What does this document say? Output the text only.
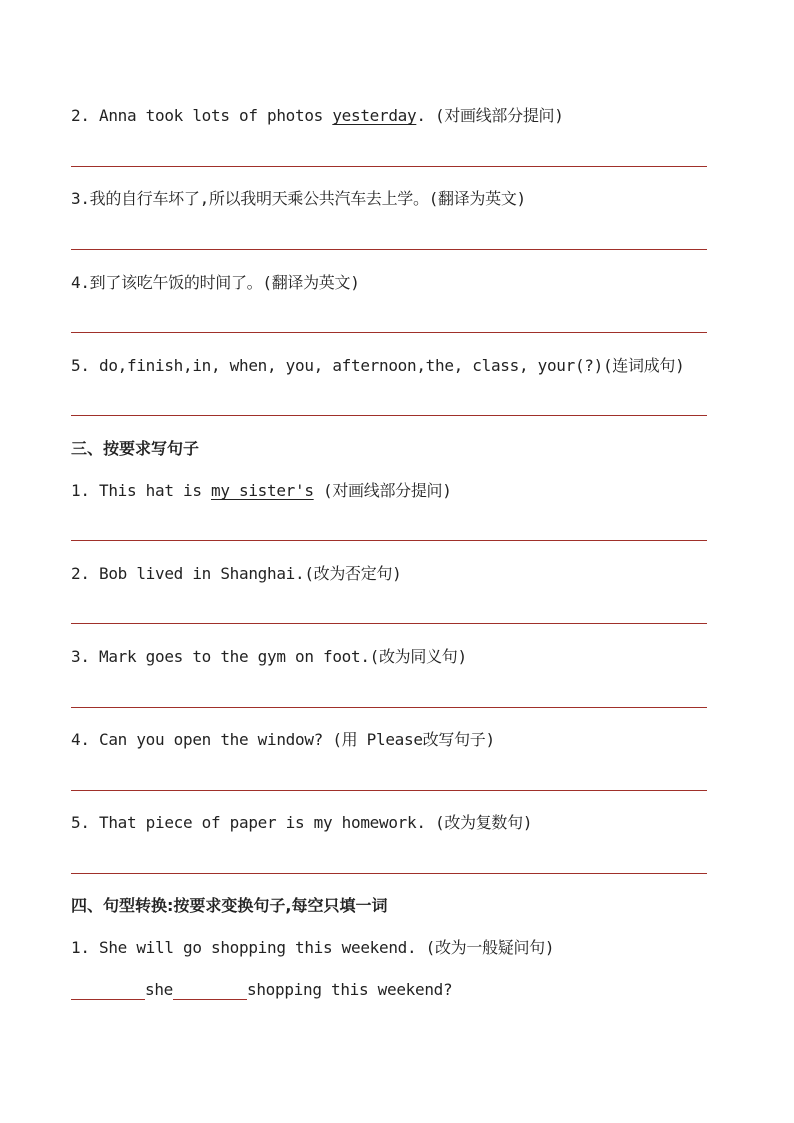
2. Anna took lots of photos yesterday. (对画线部分提问)
3.我的自行车坏了,所以我明天乘公共汽车去上学。(翻译为英文)
4.到了该吃午饭的时间了。(翻译为英文)
5. do,finish,in, when, you, afternoon,the, class, your(?)(连词成句)
三、按要求写句子
1. This hat is my sister's (对画线部分提问)
2. Bob lived in Shanghai.(改为否定句)
3. Mark goes to the gym on foot.(改为同义句)
4. Can you open the window? (用 Please改写句子)
5. That piece of paper is my homework. (改为复数句)
四、句型转换:按要求变换句子,每空只填一词
1. She will go shopping this weekend. (改为一般疑问句)
she	shopping this weekend?
